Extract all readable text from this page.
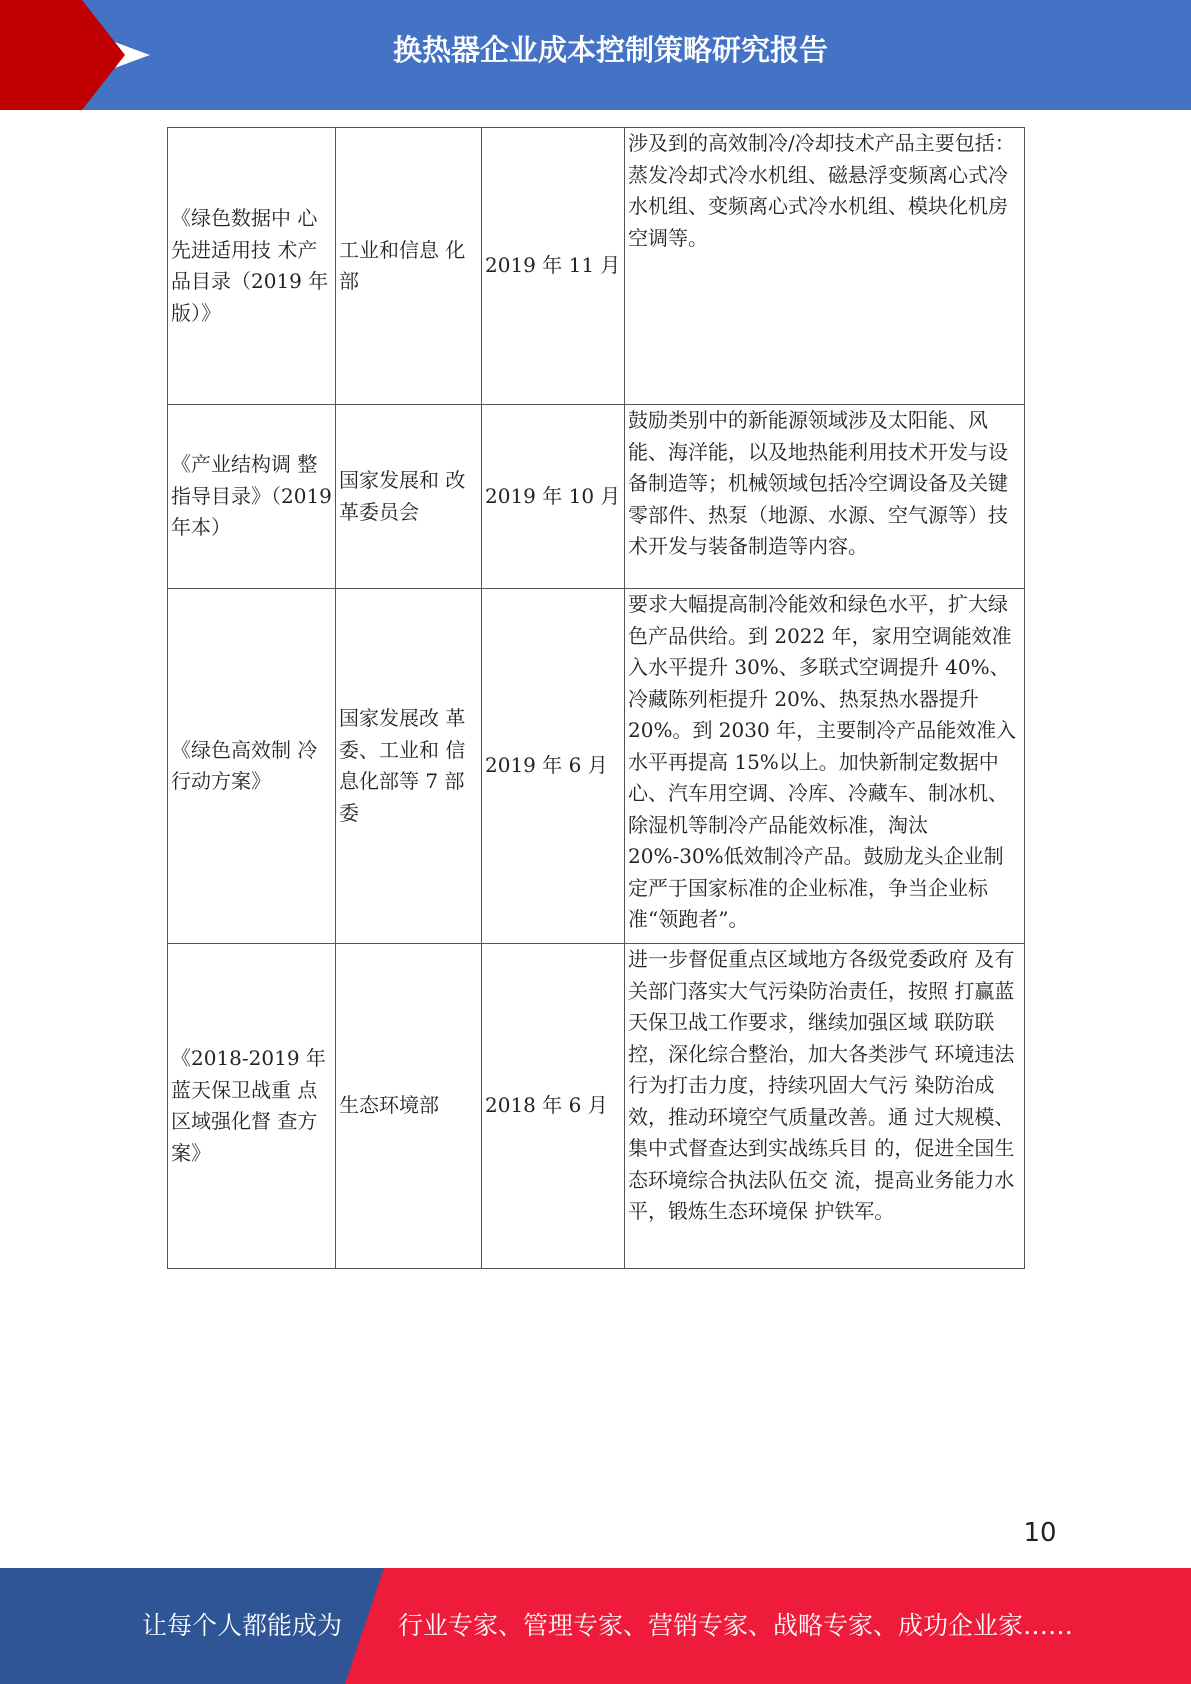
换热器企业成本控制策略研究报告
《绿色数据中 心先进适用技 术产品目录（2019 年版）》	工业和信息 化部	2019 年 11 月	涉及到的高效制冷/冷却技术产品主要包括：蒸发冷却式冷水机组、磁悬浮变频离心式冷水机组、变频离心式冷水机组、模块化机房空调等。
《产业结构调 整指导目录》（2019 年本）	国家发展和 改革委员会	2019 年 10 月	鼓励类别中的新能源领域涉及太阳能、风能、海洋能，以及地热能利用技术开发与设备制造等；机械领域包括冷空调设备及关键零部件、热泵（地源、水源、空气源等）技术开发与装备制造等内容。
《绿色高效制 冷行动方案》	国家发展改 革委、工业和 信息化部等 7 部委	2019 年 6 月	要求大幅提高制冷能效和绿色水平，扩大绿色产品供给。到 2022 年，家用空调能效准入水平提升 30%、多联式空调提升 40%、冷藏陈列柜提升 20%、热泵热水器提升 20%。到 2030 年，主要制冷产品能效准入水平再提高 15%以上。加快新制定数据中心、汽车用空调、冷库、冷藏车、制冰机、除湿机等制冷产品能效标准，淘汰 20%-30%低效制冷产品。鼓励龙头企业制定严于国家标准的企业标准，争当企业标准“领跑者”。
《2018-2019 年蓝天保卫战重 点区域强化督 查方案》	生态环境部	2018 年 6 月	进一步督促重点区域地方各级党委政府 及有关部门落实大气污染防治责任，按照 打赢蓝天保卫战工作要求，继续加强区域 联防联控，深化综合整治，加大各类涉气 环境违法行为打击力度，持续巩固大气污 染防治成效，推动环境空气质量改善。通 过大规模、集中式督查达到实战练兵目 的，促进全国生态环境综合执法队伍交 流，提高业务能力水平，锻炼生态环境保 护铁军。
10
让每个人都能成为 行业专家、管理专家、营销专家、战略专家、成功企业家……
